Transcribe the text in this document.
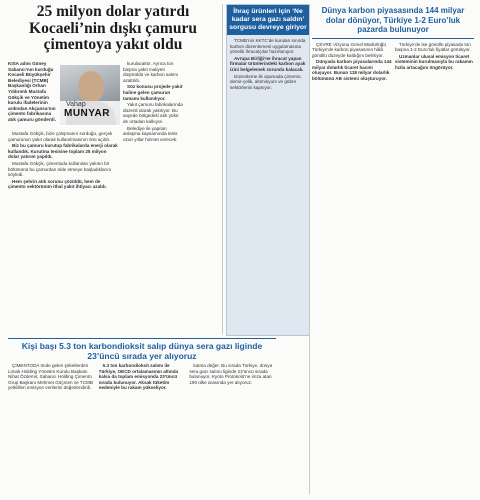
25 milyon dolar yatırdı
Kocaeli’nin dışkı çamuru
çimentoya yakıt oldu

KISA adını Güney Sabancı’nın kurduğu Kocaeli Büyükşehir Belediyesi (TCMB) Başkanlığı Orhan Yıldırımlı Mustafa Gökçik ve Yönetim kurulu ifadelerinin ardından Akçansa’nın çimento fabrikasına atık çamuru gönderdi.

Vahap
MUNYAR

Mustafa Gökçik, bize çalışmanın sorduğu, gerçek çamurunun yakıt olarak kullanılmasının önü açıldı.

Biz bu çamuru kurutup fabrikalarda enerji olarak kullandık. Kurutma tesisine toplam 25 milyon dolar yatırım yapıldı.

Mustafa Gökçik, çimentoda kullanılan yakıtın bir bölümünü bu çamurdan elde etmeye başladıklarını söyledi.

Hem şehrin atık sorunu çözüldü, hem de çimento sektörünün ithal yakıt ihtiyacı azaldı.

kurulacaktır. Ayrıca ton başına yakıt maliyeti düşürüldü ve karbon salımı azaltıldı.

Söz konusu projede yakıt haline gelen çamurun tamamı kullanılıyor.

Yakıt çamuru fabrikalarında düzenli olarak yakılıyor. Bu sayede bölgedeki atık yükü de ortadan kalkıyor.

Belediye ile yapılan anlaşma kapsamında tesis uzun yıllar hizmet verecek.

İhraç ürünleri için ‘Ne kadar sera gazı saldın’ sorgusu devreye giriyor

TCMB’nin KKTC’de kurulan sınırda karbon düzenlemesi uygulamasına yönelik ihracatçılar hazırlanıyor.

Avrupa Birliği’ne ihracat yapan firmalar ürünlerindeki karbon ayak izini belgelemek zorunda kalacak.

Düzenleme ilk aşamada çimento, demir-çelik, alüminyum ve gübre sektörlerini kapsıyor.

Dünya karbon piyasasında 144 milyar dolar dönüyor, Türkiye 1-2 Euro’luk pazarda bulunuyor

ÇEVRE Vizyonu Genel Müdürlüğü Türkiye’de karbon piyasasının hâlâ gönüllü düzeyde kaldığını belirtiyor.

Dünyada karbon piyasalarında 144 milyar dolarlık ticaret hacmi oluşuyor. Bunun 118 milyar dolarlık bölümünü AB sistemi oluşturuyor.

Türkiye’de ise gönüllü piyasada ton başına 1-2 Euro’luk fiyatlar görülüyor.

Uzmanlar ulusal emisyon ticaret sisteminin kurulmasıyla bu rakamın hızla artacağını öngörüyor.

Kişi başı 5.3 ton karbondioksit salıp dünya sera gazı liginde 23’üncü sırada yer alıyoruz

ÇİMENTODA önde gelen şirketlerden Limak Holding Yönetim Kurulu Başkanı Nihat Özdemir, Sabancı Holding Çimento Grup Başkanı Mehmet Göçmen ve TCMB yetkilileri emisyon verilerini değerlendirdi.

5.3 ton karbondioksit salımı ile Türkiye, OECD ortalamasının altında kalsa da toplam emisyonda 23’üncü sırada bulunuyor. Aksak tüketim nedeniyle bu rakam yükseliyor.

katma değer. Bu sırada Türkiye, dünya sera gazı salımı liginde 23’üncü sırada bulunuyor. Kyoto Protokolü’ne imza atan 190 ülke arasında yer alıyoruz.
